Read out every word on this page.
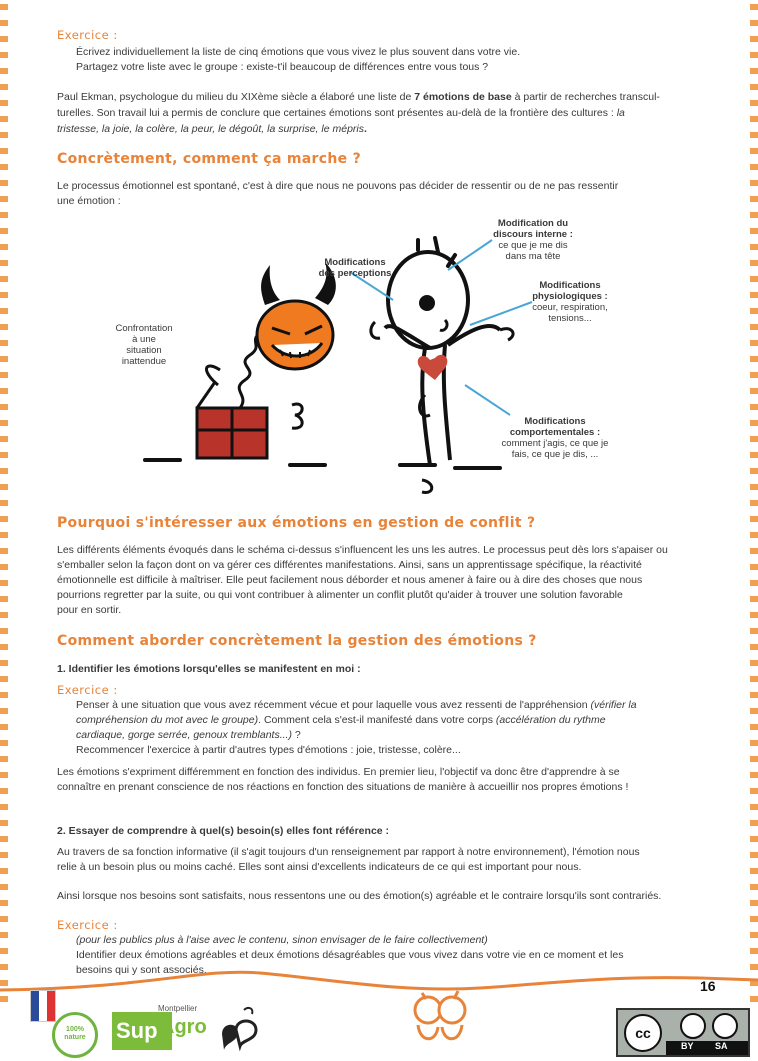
Exercice :

Écrivez individuellement la liste de cinq émotions que vous vivez le plus souvent dans votre vie.

Partagez votre liste avec le groupe : existe-t'il beaucoup de différences entre vous tous ?

Paul Ekman, psychologue du milieu du XIXème siècle a élaboré une liste de 7 émotions de base à partir de recherches transcul-

turelles. Son travail lui a permis de conclure que certaines émotions sont présentes au-delà de la frontière des cultures : la

tristesse, la joie, la colère, la peur, le dégoût, la surprise, le mépris.

Concrètement, comment ça marche ?

Le processus émotionnel est spontané, c'est à dire que nous ne pouvons pas décider de ressentir ou de ne pas ressentir

une émotion :

Confrontation
à une
situation
inattendue
Modifications
des perceptions
Modification du
discours interne :
ce que je me dis
dans ma tête
Modifications
physiologiques :
coeur, respiration,
tensions...
Modifications
comportementales :
comment j'agis, ce que je
fais, ce que je dis, ...
Pourquoi s'intéresser aux émotions en gestion de conflit ?

Les différents éléments évoqués dans le schéma ci-dessus s'influencent les uns les autres. Le processus peut dès lors s'apaiser ou

s'emballer selon la façon dont on va gérer ces différentes manifestations. Ainsi, sans un apprentissage spécifique, la réactivité

émotionnelle est difficile à maîtriser. Elle peut facilement nous déborder et nous amener à faire ou à dire des choses que nous

pourrions regretter par la suite, ou qui vont contribuer à alimenter un conflit plutôt qu'aider à trouver une solution favorable

pour en sortir.

Comment aborder concrètement la gestion des émotions ?

1. Identifier les émotions lorsqu'elles se manifestent en moi :

Exercice :

Penser à une situation que vous avez récemment vécue et pour laquelle vous avez ressenti de l'appréhension (vérifier la

compréhension du mot avec le groupe). Comment cela s'est-il manifesté dans votre corps (accélération du rythme

cardiaque, gorge serrée, genoux tremblants...) ?

Recommencer l'exercice à partir d'autres types d'émotions : joie, tristesse, colère...

Les émotions s'expriment différemment en fonction des individus. En premier lieu, l'objectif va donc être d'apprendre à se

connaître en prenant conscience de nos réactions en fonction des situations de manière à accueillir nos propres émotions !

2. Essayer de comprendre à quel(s) besoin(s) elles font référence :

Au travers de sa fonction informative (il s'agit toujours d'un renseignement par rapport à notre environnement), l'émotion nous

relie à un besoin plus ou moins caché. Elles sont ainsi d'excellents indicateurs de ce qui est important pour nous.

Ainsi lorsque nos besoins sont satisfaits, nous ressentons une ou des émotion(s) agréable et le contraire lorsqu'ils sont contrariés.

Exercice :

(pour les publics plus à l'aise avec le contenu, sinon envisager de le faire collectivement)

Identifier deux émotions agréables et deux émotions désagréables que vous vivez dans votre vie en ce moment et les

besoins qui y sont associés.

16
100% nature	Sup
Montpellier
Agro	cc
BY SA
